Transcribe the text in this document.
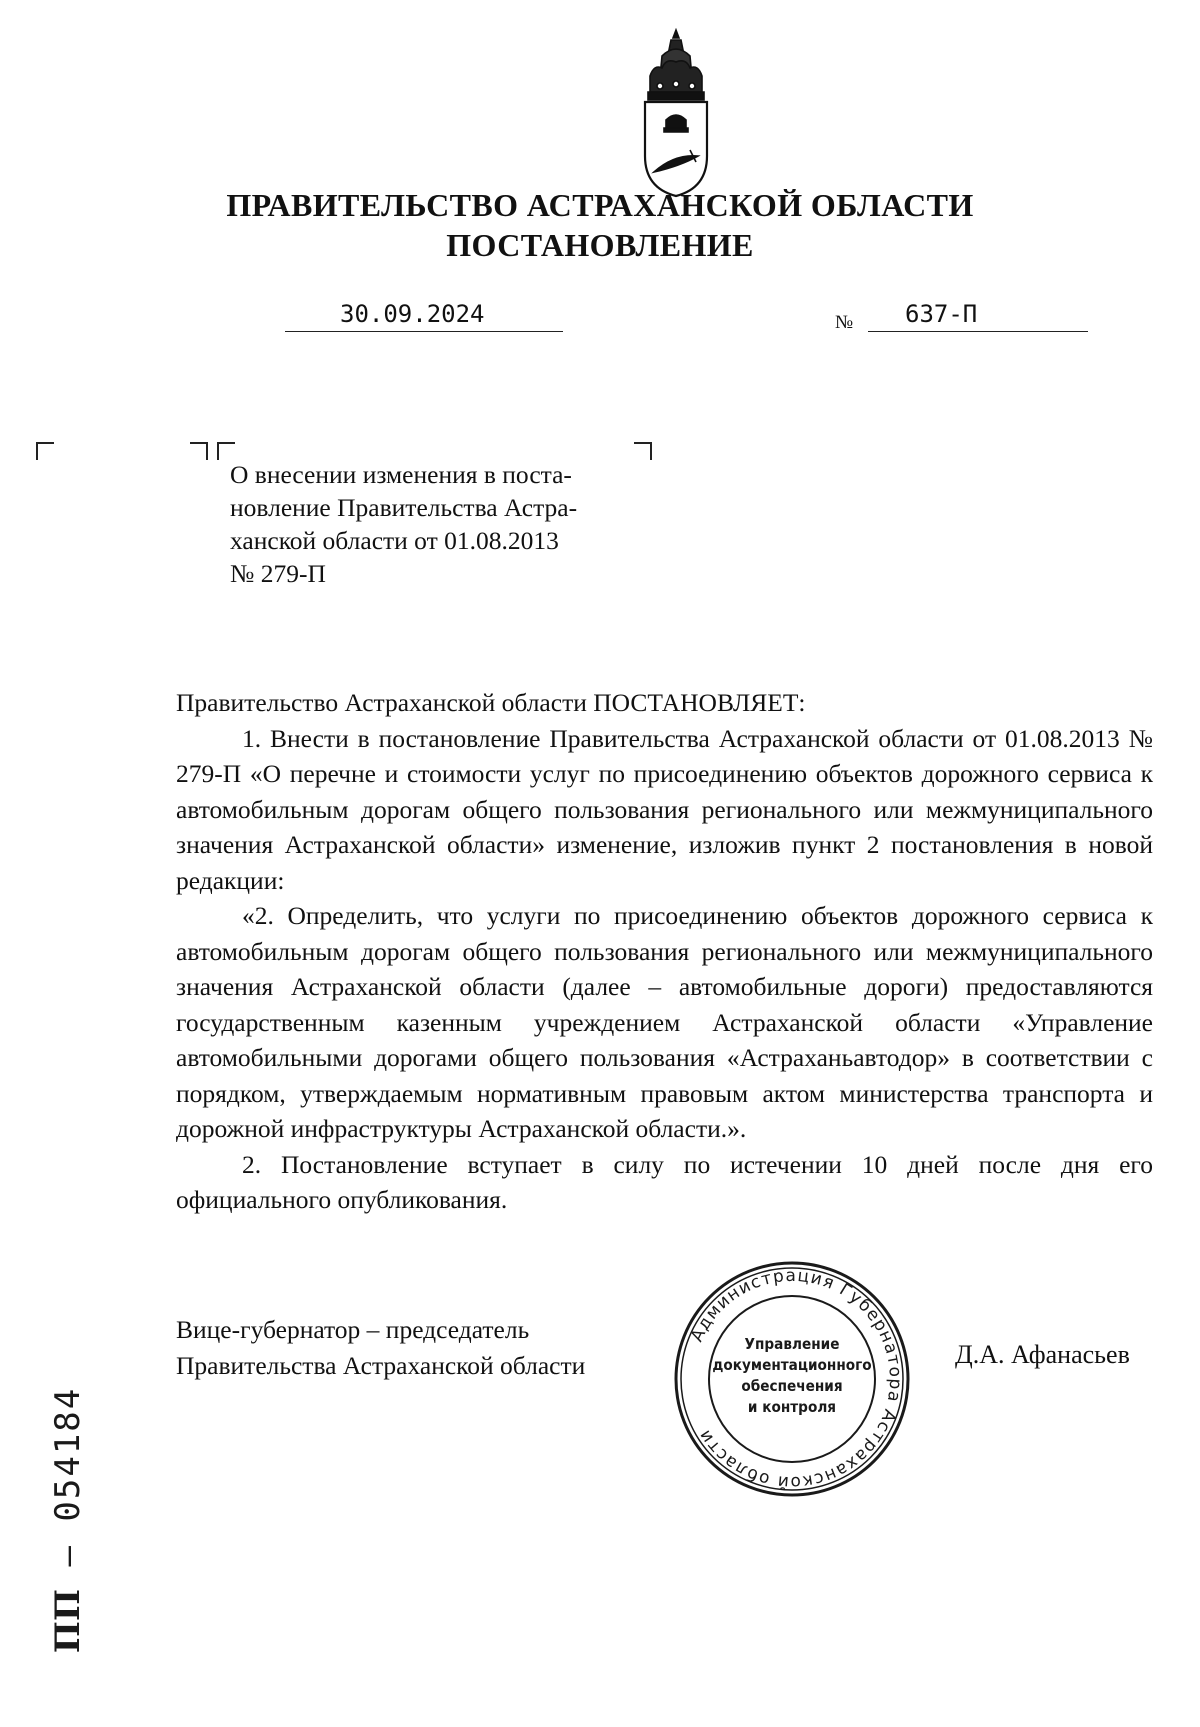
ПРАВИТЕЛЬСТВО АСТРАХАНСКОЙ ОБЛАСТИ
ПОСТАНОВЛЕНИЕ
30.09.2024	№ 637-П

О внесении изменения в поста-

новление Правительства Астра-

ханской области от 01.08.2013

№ 279-П

Правительство Астраханской области ПОСТАНОВЛЯЕТ:

1. Внести в постановление Правительства Астраханской области от 01.08.2013 № 279-П «О перечне и стоимости услуг по присоединению объектов дорожного сервиса к автомобильным дорогам общего пользования регионального или межмуниципального значения Астраханской области» изменение, изложив пункт 2 постановления в новой редакции:

«2. Определить, что услуги по присоединению объектов дорожного сервиса к автомобильным дорогам общего пользования регионального или межмуниципального значения Астраханской области (далее – автомобильные дороги) предоставляются государственным казенным учреждением Астраханской области «Управление автомобильными дорогами общего пользования «Астраханьавтодор» в соответствии с порядком, утверждаемым нормативным правовым актом министерства транспорта и дорожной инфраструктуры Астраханской области.».

2. Постановление вступает в силу по истечении 10 дней после дня его официального опубликования.

Вице-губернатор – председатель
Правительства Астраханской области
Администрация Губернатора Астраханской области
Управление
документационного
обеспечения
и контроля
Д.А. Афанасьев
ПП – 054184
